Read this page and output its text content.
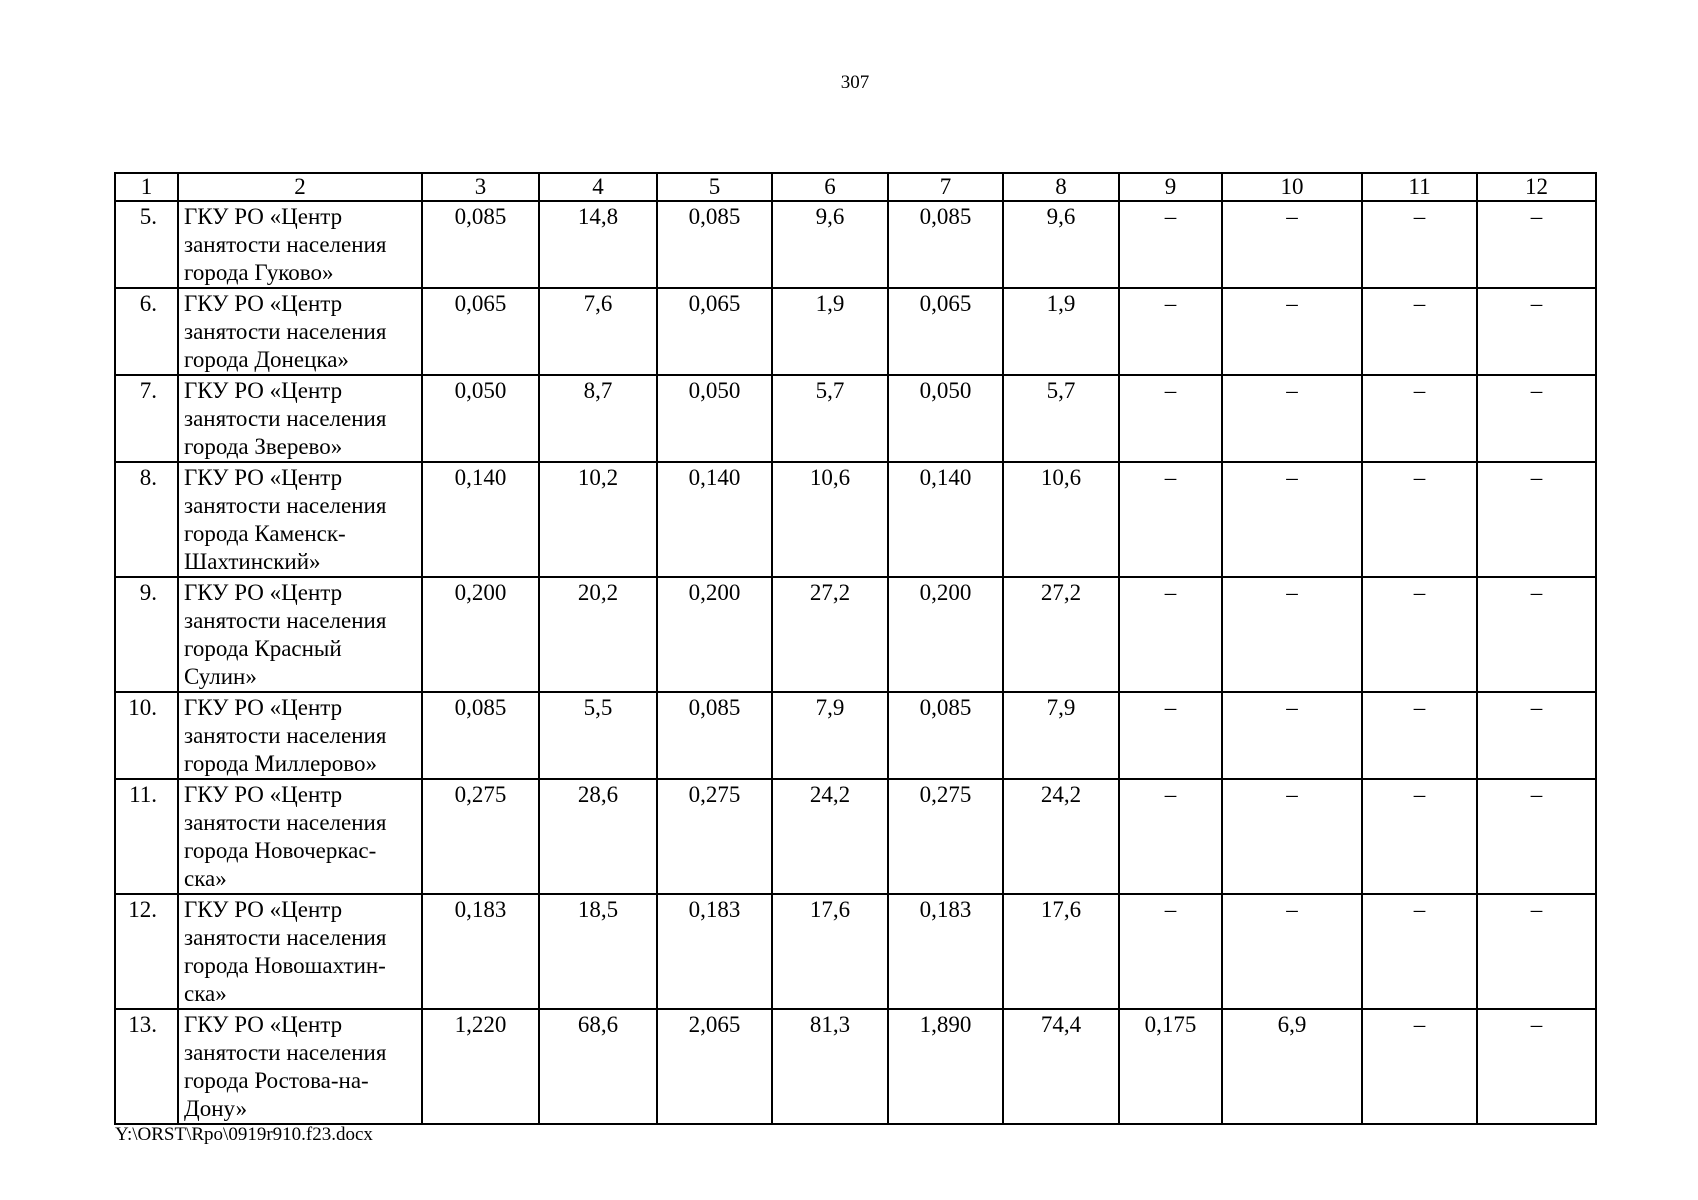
307
1	2	3	4	5	6	7	8	9	10	11	12
5.	ГКУ РО «Центр
занятости населения
города Гуково»	0,085	14,8	0,085	9,6	0,085	9,6	–	–	–	–
6.	ГКУ РО «Центр
занятости населения
города Донецка»	0,065	7,6	0,065	1,9	0,065	1,9	–	–	–	–
7.	ГКУ РО «Центр
занятости населения
города Зверево»	0,050	8,7	0,050	5,7	0,050	5,7	–	–	–	–
8.	ГКУ РО «Центр
занятости населения
города Каменск-
Шахтинский»	0,140	10,2	0,140	10,6	0,140	10,6	–	–	–	–
9.	ГКУ РО «Центр
занятости населения
города Красный
Сулин»	0,200	20,2	0,200	27,2	0,200	27,2	–	–	–	–
10.	ГКУ РО «Центр
занятости населения
города Миллерово»	0,085	5,5	0,085	7,9	0,085	7,9	–	–	–	–
11.	ГКУ РО «Центр
занятости населения
города Новочеркас-
ска»	0,275	28,6	0,275	24,2	0,275	24,2	–	–	–	–
12.	ГКУ РО «Центр
занятости населения
города Новошахтин-
ска»	0,183	18,5	0,183	17,6	0,183	17,6	–	–	–	–
13.	ГКУ РО «Центр
занятости населения
города Ростова-на-
Дону»	1,220	68,6	2,065	81,3	1,890	74,4	0,175	6,9	–	–
Y:\ORST\Rpo\0919r910.f23.docx
